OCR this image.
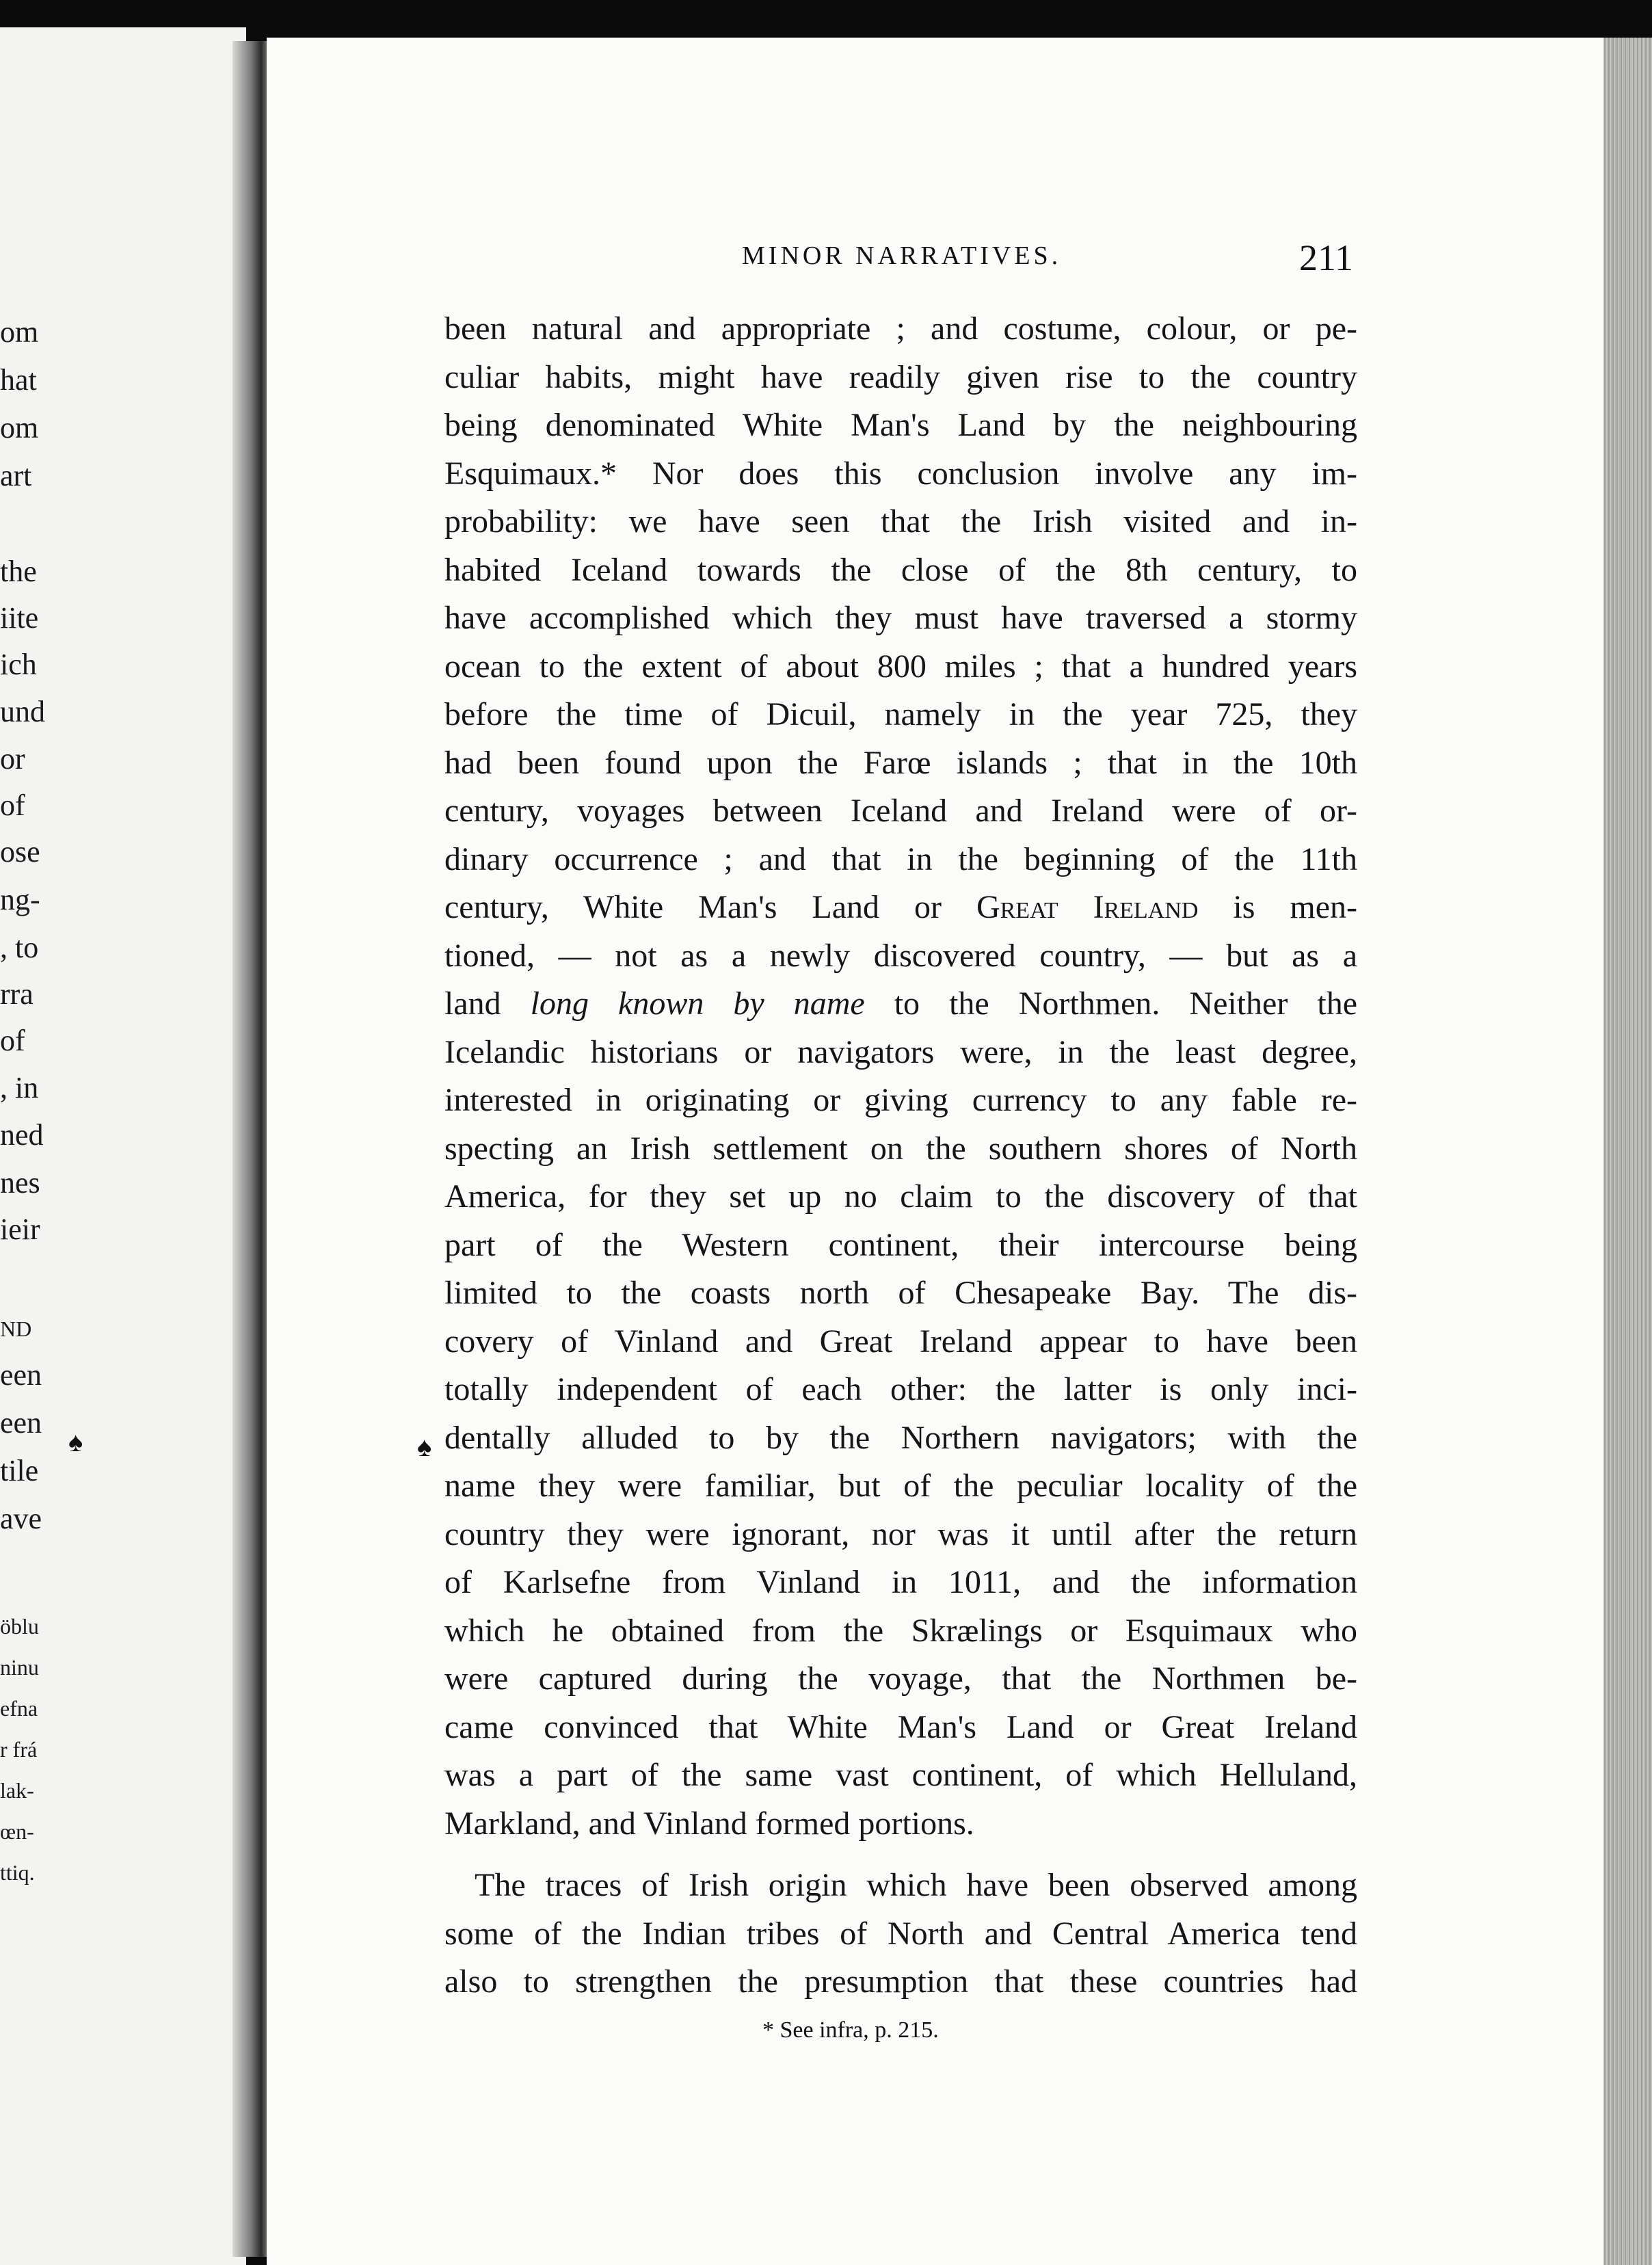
om
hat
om
art
the
iite
ich
und
or
of
ose
ng-
, to
rra
of
, in
ned
nes
ieir
ND
een
een
tile
ave
öblu
ninu
efna
r frá
lak-
œn-
ttiq.
MINOR NARRATIVES.	211
♠	♠
been natural and appropriate ; and costume, colour, or pe-
culiar habits, might have readily given rise to the country
being denominated White Man's Land by the neighbouring
Esquimaux.* Nor does this conclusion involve any im-
probability: we have seen that the Irish visited and in-
habited Iceland towards the close of the 8th century, to
have accomplished which they must have traversed a stormy
ocean to the extent of about 800 miles ; that a hundred years
before the time of Dicuil, namely in the year 725, they
had been found upon the Farœ islands ; that in the 10th
century, voyages between Iceland and Ireland were of or-
dinary occurrence ; and that in the beginning of the 11th
century, White Man's Land or Great Ireland is men-
tioned, — not as a newly discovered country, — but as a
land long known by name to the Northmen. Neither the
Icelandic historians or navigators were, in the least degree,
interested in originating or giving currency to any fable re-
specting an Irish settlement on the southern shores of North
America, for they set up no claim to the discovery of that
part of the Western continent, their intercourse being
limited to the coasts north of Chesapeake Bay. The dis-
covery of Vinland and Great Ireland appear to have been
totally independent of each other: the latter is only inci-
dentally alluded to by the Northern navigators; with the
name they were familiar, but of the peculiar locality of the
country they were ignorant, nor was it until after the return
of Karlsefne from Vinland in 1011, and the information
which he obtained from the Skrælings or Esquimaux who
were captured during the voyage, that the Northmen be-
came convinced that White Man's Land or Great Ireland
was a part of the same vast continent, of which Helluland,
Markland, and Vinland formed portions.
The traces of Irish origin which have been observed among
some of the Indian tribes of North and Central America tend
also to strengthen the presumption that these countries had
* See infra, p. 215.
